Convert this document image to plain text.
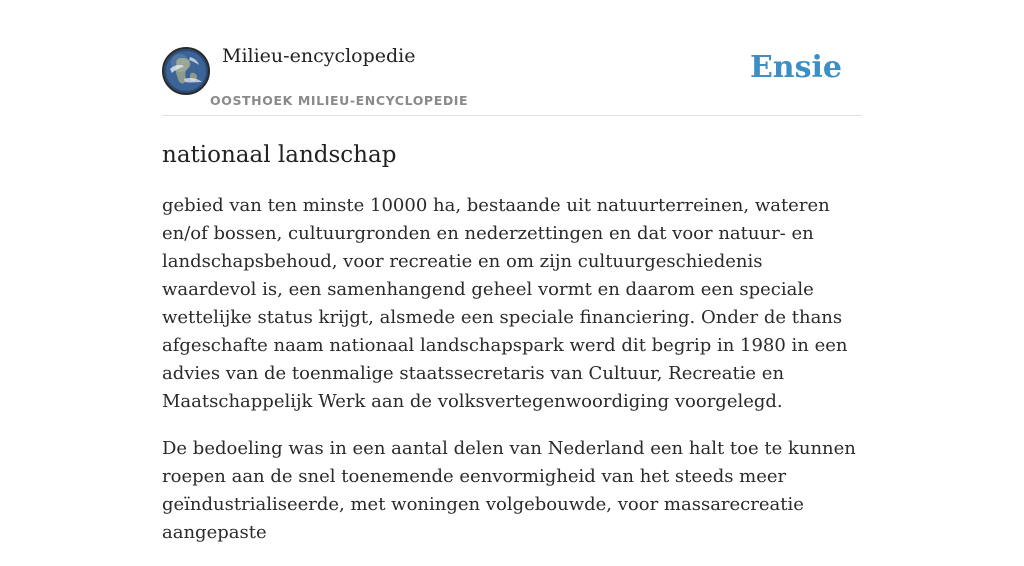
Milieu-encyclopedie
OOSTHOEK MILIEU-ENCYCLOPEDIE
Ensie
nationaal landschap

gebied van ten minste 10000 ha, bestaande uit natuurterreinen, wateren en/of bossen, cultuurgronden en nederzettingen en dat voor natuur- en landschapsbehoud, voor recreatie en om zijn cultuurgeschiedenis waardevol is, een samenhangend geheel vormt en daarom een speciale wettelijke status krijgt, alsmede een speciale financiering. Onder de thans afgeschafte naam nationaal landschapspark werd dit begrip in 1980 in een advies van de toenmalige staatssecretaris van Cultuur, Recreatie en Maatschappelijk Werk aan de volksvertegenwoordiging voorgelegd.

De bedoeling was in een aantal delen van Nederland een halt toe te kunnen roepen aan de snel toenemende eenvormigheid van het steeds meer geïndustrialiseerde, met woningen volgebouwde, voor massarecreatie aangepaste
